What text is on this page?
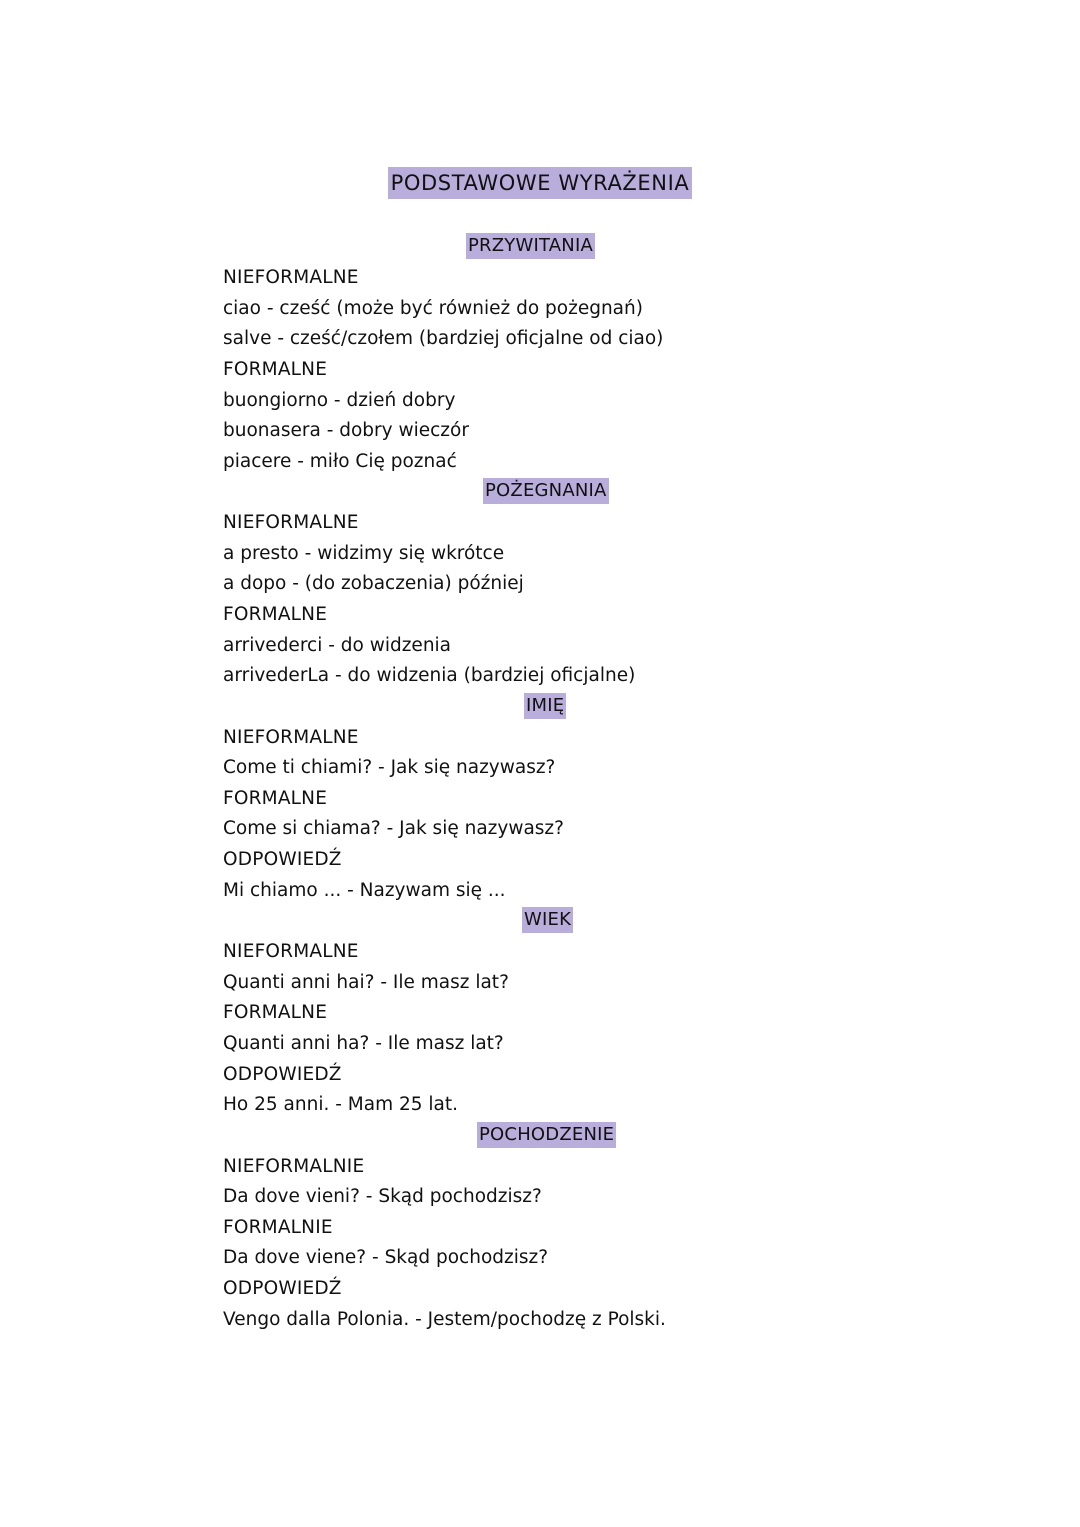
PODSTAWOWE WYRAŻENIA
PRZYWITANIA
NIEFORMALNE
ciao - cześć (może być również do pożegnań)
salve - cześć/czołem (bardziej oficjalne od ciao)
FORMALNE
buongiorno - dzień dobry
buonasera - dobry wieczór
piacere - miło Cię poznać
POŻEGNANIA
NIEFORMALNE
a presto - widzimy się wkrótce
a dopo - (do zobaczenia) później
FORMALNE
arrivederci - do widzenia
arrivederLa - do widzenia (bardziej oficjalne)
IMIĘ
NIEFORMALNE
Come ti chiami? - Jak się nazywasz?
FORMALNE
Come si chiama? - Jak się nazywasz?
ODPOWIEDŹ
Mi chiamo ... - Nazywam się ...
WIEK
NIEFORMALNE
Quanti anni hai? - Ile masz lat?
FORMALNE
Quanti anni ha? - Ile masz lat?
ODPOWIEDŹ
Ho 25 anni. - Mam 25 lat.
POCHODZENIE
NIEFORMALNIE
Da dove vieni? - Skąd pochodzisz?
FORMALNIE
Da dove viene? - Skąd pochodzisz?
ODPOWIEDŹ
Vengo dalla Polonia. - Jestem/pochodzę z Polski.
